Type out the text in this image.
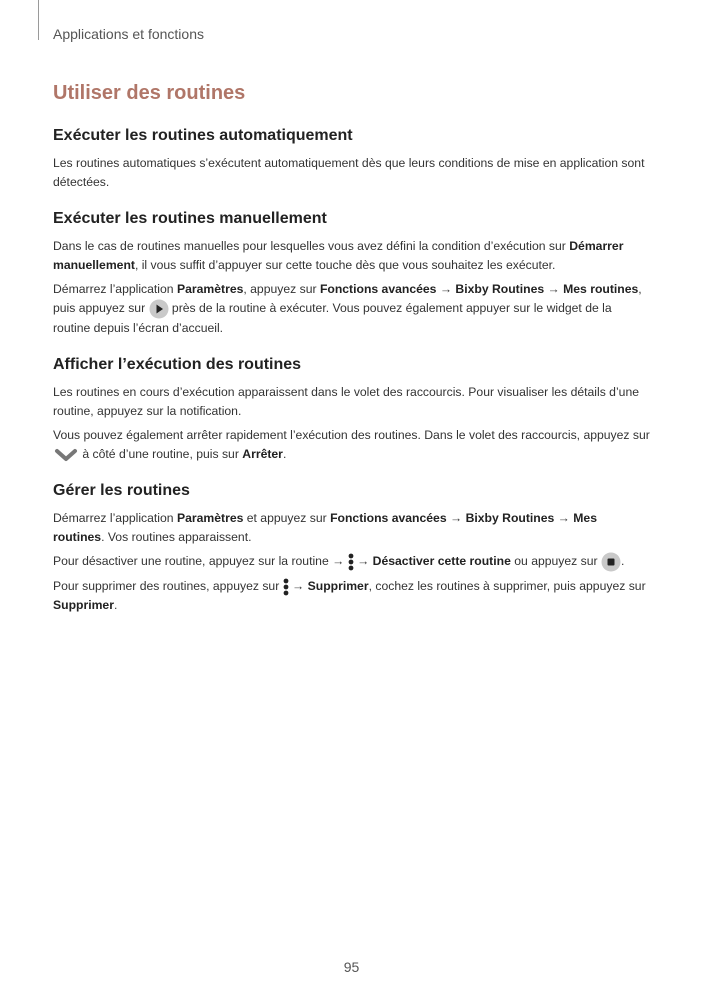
Applications et fonctions
Utiliser des routines
Exécuter les routines automatiquement

Les routines automatiques s’exécutent automatiquement dès que leurs conditions de mise en application sont détectées.

Exécuter les routines manuellement

Dans le cas de routines manuelles pour lesquelles vous avez défini la condition d’exécution sur Démarrer manuellement, il vous suffit d’appuyer sur cette touche dès que vous souhaitez les exécuter.

Démarrez l’application Paramètres, appuyez sur Fonctions avancées → Bixby Routines → Mes routines, puis appuyez sur
près de la routine à exécuter. Vous pouvez également appuyer sur le widget de la routine depuis l’écran d’accueil.

Afficher l’exécution des routines

Les routines en cours d’exécution apparaissent dans le volet des raccourcis. Pour visualiser les détails d’une routine, appuyez sur la notification.

Vous pouvez également arrêter rapidement l’exécution des routines. Dans le volet des raccourcis, appuyez sur
à côté d’une routine, puis sur Arrêter.

Gérer les routines

Démarrez l’application Paramètres et appuyez sur Fonctions avancées → Bixby Routines → Mes routines. Vos routines apparaissent.

Pour désactiver une routine, appuyez sur la routine →
→ Désactiver cette routine ou appuyez sur
.

Pour supprimer des routines, appuyez sur
→ Supprimer, cochez les routines à supprimer, puis appuyez sur Supprimer.

95
